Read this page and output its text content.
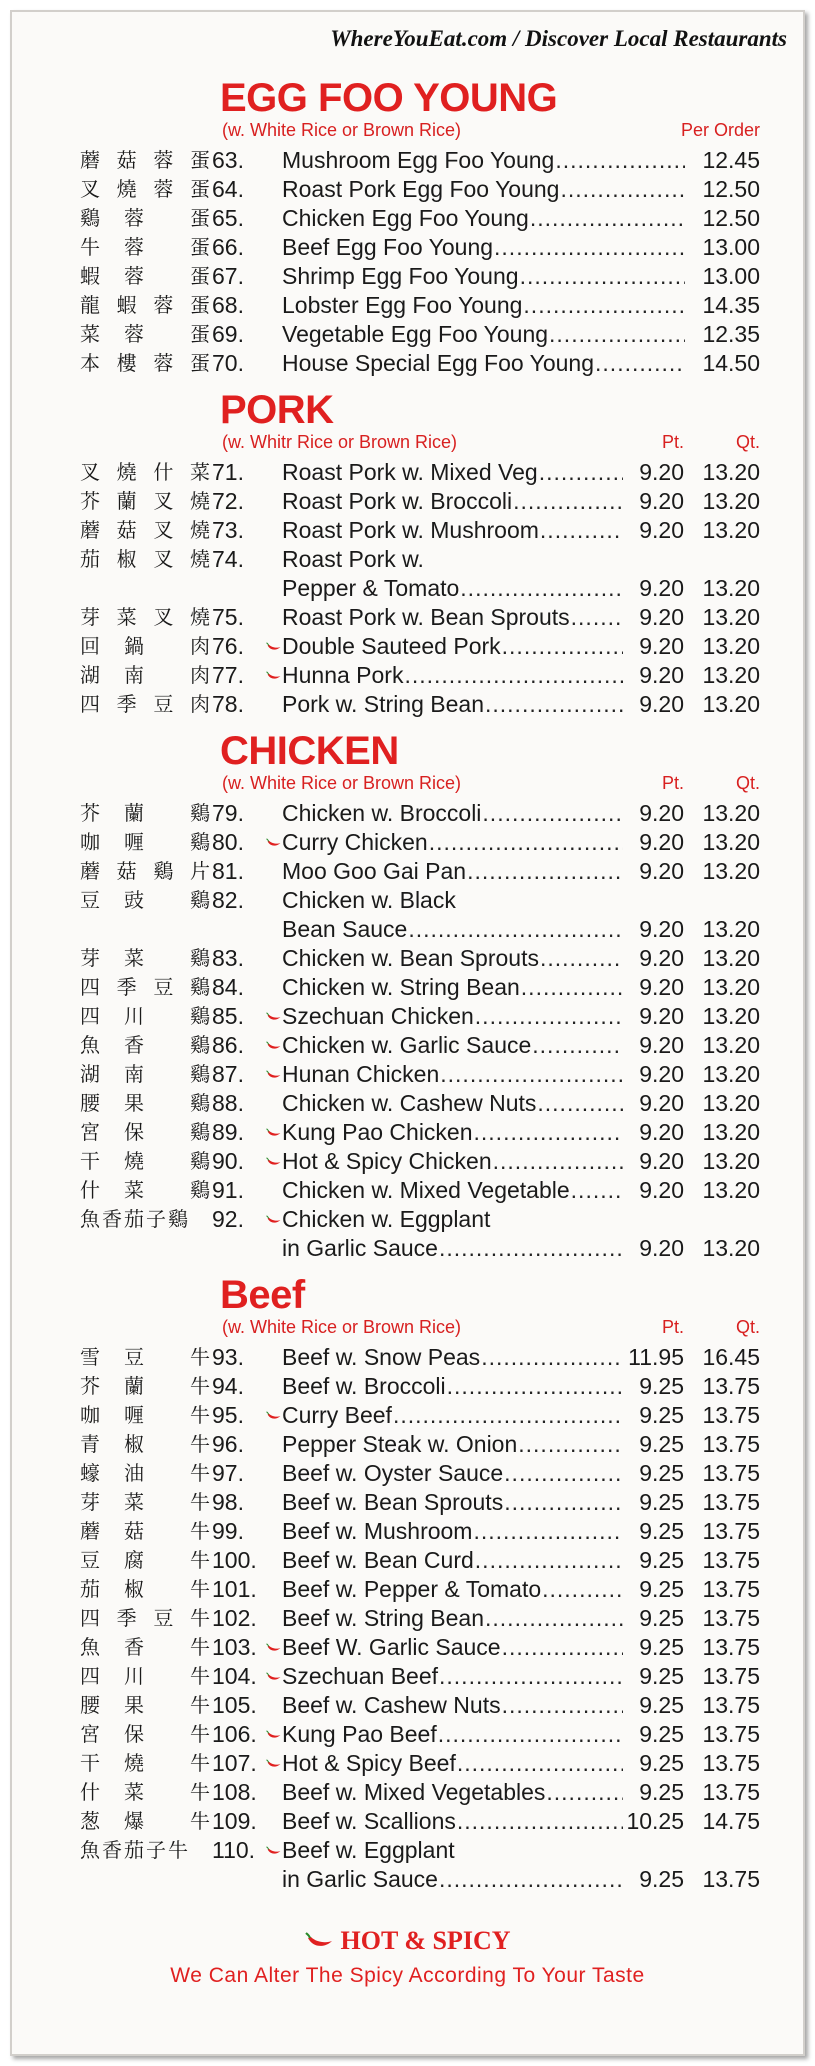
WhereYouEat.com / Discover Local Restaurants
EGG FOO YOUNG
(w. White Rice or Brown Rice)	Per Order
蘑 菇 蓉 蛋 63.	Mushroom Egg Foo Young .....	12.45
叉 燒 蓉 蛋 64.	Roast Pork Egg Foo Young .....	12.50
鷄 蓉 蛋 65.	Chicken Egg Foo Young .....	12.50
牛 蓉 蛋 66.	Beef Egg Foo Young .....	13.00
蝦 蓉 蛋 67.	Shrimp Egg Foo Young .....	13.00
龍 蝦 蓉 蛋 68.	Lobster Egg Foo Young .....	14.35
菜 蓉 蛋 69.	Vegetable Egg Foo Young .....	12.35
本 樓 蓉 蛋 70.	House Special Egg Foo Young .....	14.50
PORK
(w. Whitr Rice or Brown Rice)	Pt.	Qt.
叉 燒 什 菜 71.	Roast Pork w. Mixed Veg .....	9.20 13.20
芥 蘭 叉 燒 72.	Roast Pork w. Broccoli .....	9.20 13.20
蘑 菇 叉 燒 73.	Roast Pork w. Mushroom .....	9.20 13.20
茄 椒 叉 燒 74.	Roast Pork w.
Pepper & Tomato .....	9.20 13.20
芽 菜 叉 燒 75.	Roast Pork w. Bean Sprouts .....	9.20 13.20
回 鍋 肉 76.	Double Sauteed Pork .....	9.20 13.20
湖 南 肉 77.	Hunna Pork .....	9.20 13.20
四 季 豆 肉 78.	Pork w. String Bean .....	9.20 13.20
CHICKEN
(w. White Rice or Brown Rice)	Pt.	Qt.
芥 蘭 鷄 79.	Chicken w. Broccoli .....	9.20 13.20
咖 喱 鷄 80.	Curry Chicken .....	9.20 13.20
蘑 菇 鷄 片 81.	Moo Goo Gai Pan .....	9.20 13.20
豆 豉 鷄 82.	Chicken w. Black
Bean Sauce .....	9.20 13.20
芽 菜 鷄 83.	Chicken w. Bean Sprouts .....	9.20 13.20
四 季 豆 鷄 84.	Chicken w. String Bean .....	9.20 13.20
四 川 鷄 85.	Szechuan Chicken .....	9.20 13.20
魚 香 鷄 86.	Chicken w. Garlic Sauce .....	9.20 13.20
湖 南 鷄 87.	Hunan Chicken .....	9.20 13.20
腰 果 鷄 88.	Chicken w. Cashew Nuts .....	9.20 13.20
宮 保 鷄 89.	Kung Pao Chicken .....	9.20 13.20
干 燒 鷄 90.	Hot & Spicy Chicken .....	9.20 13.20
什 菜 鷄 91.	Chicken w. Mixed Vegetable .....	9.20 13.20
魚香茄子鷄 92.	Chicken w. Eggplant
in Garlic Sauce .....	9.20 13.20
Beef
(w. White Rice or Brown Rice)	Pt.	Qt.
雪 豆 牛 93.	Beef w. Snow Peas .....	11.95 16.45
芥 蘭 牛 94.	Beef w. Broccoli .....	9.25 13.75
咖 喱 牛 95.	Curry Beef .....	9.25 13.75
青 椒 牛 96.	Pepper Steak w. Onion .....	9.25 13.75
蠔 油 牛 97.	Beef w. Oyster Sauce .....	9.25 13.75
芽 菜 牛 98.	Beef w. Bean Sprouts .....	9.25 13.75
蘑 菇 牛 99.	Beef w. Mushroom .....	9.25 13.75
豆 腐 牛 100.	Beef w. Bean Curd .....	9.25 13.75
茄 椒 牛 101.	Beef w. Pepper & Tomato .....	9.25 13.75
四 季 豆 牛 102.	Beef w. String Bean .....	9.25 13.75
魚 香 牛 103.	Beef W. Garlic Sauce .....	9.25 13.75
四 川 牛 104.	Szechuan Beef .....	9.25 13.75
腰 果 牛 105.	Beef w. Cashew Nuts .....	9.25 13.75
宮 保 牛 106.	Kung Pao Beef .....	9.25 13.75
干 燒 牛 107.	Hot & Spicy Beef .....	9.25 13.75
什 菜 牛 108.	Beef w. Mixed Vegetables .....	9.25 13.75
葱 爆 牛 109.	Beef w. Scallions .....	10.25 14.75
魚香茄子牛 110.	Beef w. Eggplant
in Garlic Sauce .....	9.25 13.75
HOT & SPICY
We Can Alter The Spicy According To Your Taste
